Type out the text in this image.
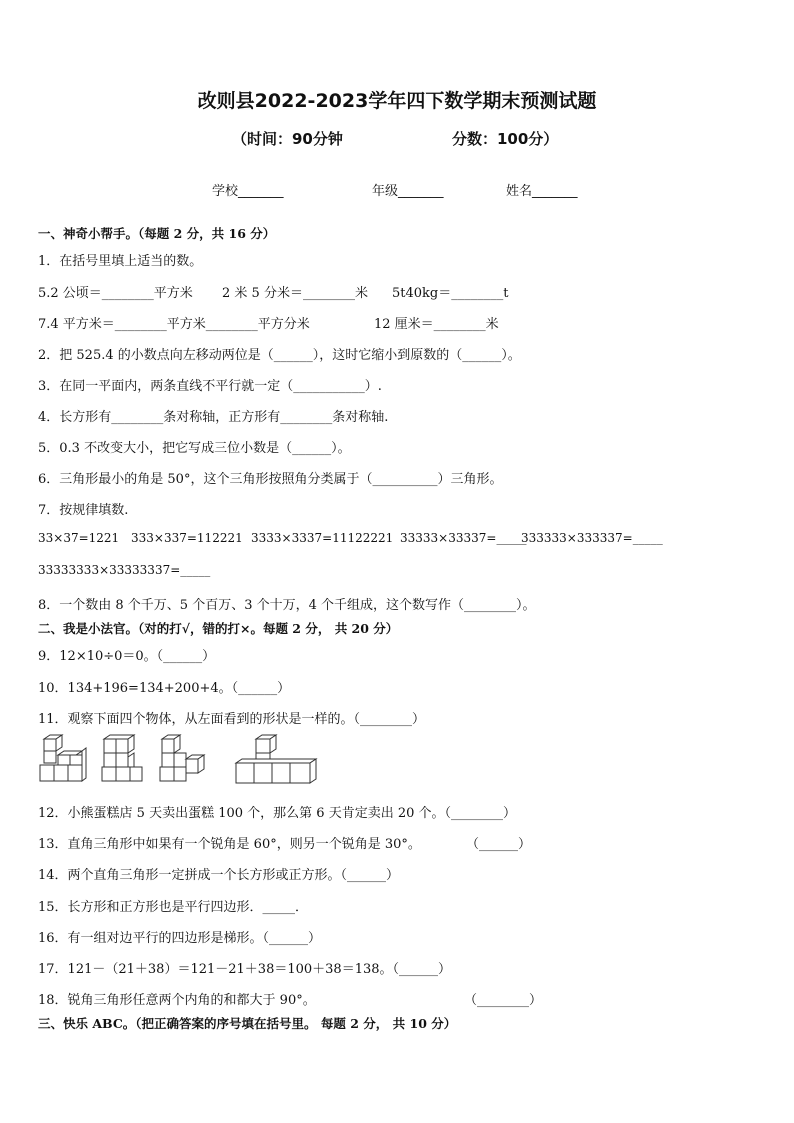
改则县2022-2023学年四下数学期末预测试题
（时间：90分钟	分数：100分）
学校_______	年级_______	姓名_______
一、神奇小帮手。（每题 2 分，共 16 分）
1．在括号里填上适当的数。
5.2 公顷＝________平方米 2 米 5 分米＝________米 5t40kg＝________t
7.4 平方米＝________平方米________平方分米	12 厘米＝________米
2．把 525.4 的小数点向左移动两位是（______），这时它缩小到原数的（______）。
3．在同一平面内，两条直线不平行就一定（___________）.
4．长方形有________条对称轴，正方形有________条对称轴.
5．0.3 不改变大小，把它写成三位小数是（______）。
6．三角形最小的角是 50°，这个三角形按照角分类属于（__________）三角形。
7．按规律填数.
33×37=1221 333×337=112221 3333×3337=11122221 33333×33337=_____
333333×333337=_____
33333333×33333337=_____
8．一个数由 8 个千万、5 个百万、3 个十万，4 个千组成，这个数写作（________）。
二、我是小法官。（对的打√，错的打×。每题 2 分， 共 20 分）
9．12×10÷0＝0。（______）
10．134+196=134+200+4。（______）
11．观察下面四个物体，从左面看到的形状是一样的。（________）
12．小熊蛋糕店 5 天卖出蛋糕 100 个，那么第 6 天肯定卖出 20 个。（________）
13．直角三角形中如果有一个锐角是 60°，则另一个锐角是 30°。	（______）
14．两个直角三角形一定拼成一个长方形或正方形。（______）
15．长方形和正方形也是平行四边形．_____．
16．有一组对边平行的四边形是梯形。（______）
17．121－（21＋38）＝121－21＋38＝100＋38＝138。（______）
18．锐角三角形任意两个内角的和都大于 90°。	（________）
三、快乐 ABC。（把正确答案的序号填在括号里。 每题 2 分， 共 10 分）
